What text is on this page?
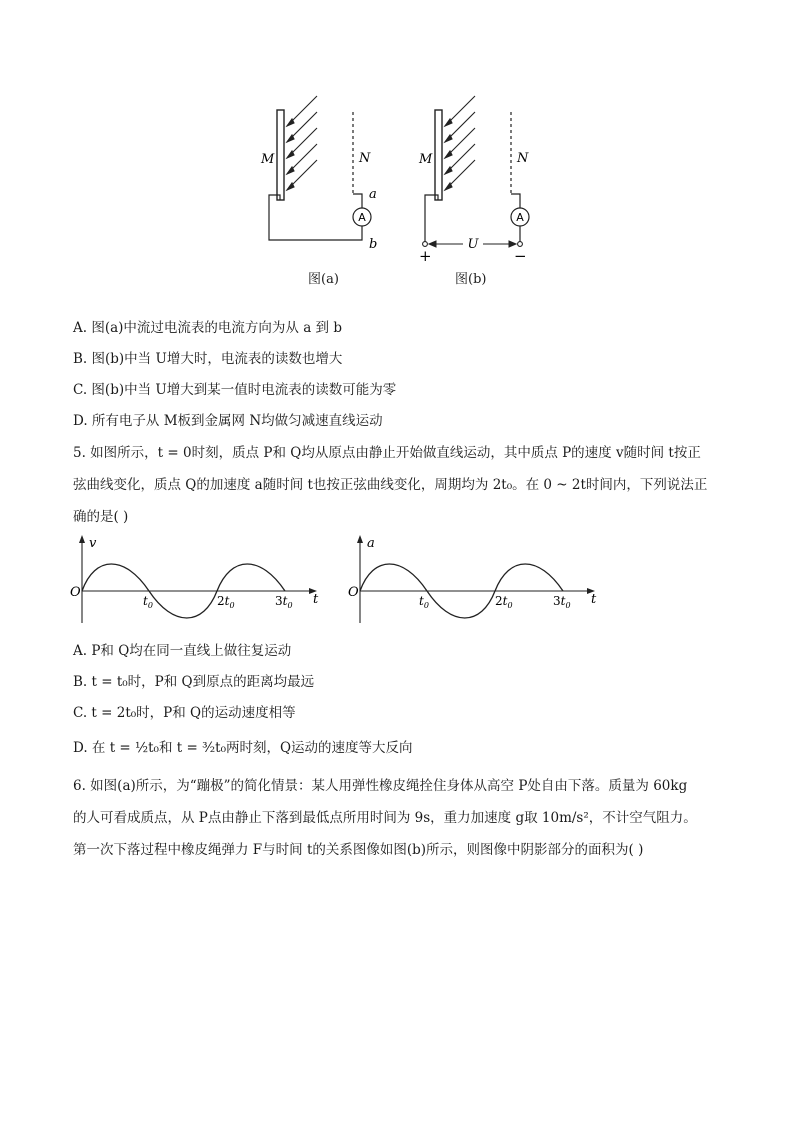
A
M	N
a
b
图(a)
A
U
+	−
M	N
图(b)
A. 图(a)中流过电流表的电流方向为从 a 到 b
B. 图(b)中当 U增大时，电流表的读数也增大
C. 图(b)中当 U增大到某一值时电流表的读数可能为零
D. 所有电子从 M板到金属网 N均做匀减速直线运动
5. 如图所示，t = 0时刻，质点 P和 Q均从原点由静止开始做直线运动，其中质点 P的速度 v随时间 t按正
弦曲线变化，质点 Q的加速度 a随时间 t也按正弦曲线变化，周期均为 2t₀。在 0 ~ 2t时间内，下列说法正
确的是( )
v
t
O
$t_0$	$2t_0$	$3t_0$
a
t
O
$t_0$	$2t_0$	$3t_0$
A. P和 Q均在同一直线上做往复运动
B. t = t₀时，P和 Q到原点的距离均最远
C. t = 2t₀时，P和 Q的运动速度相等
D. 在 t = ½t₀和 t = ³⁄₂t₀两时刻，Q运动的速度等大反向
6. 如图(a)所示，为“蹦极”的简化情景：某人用弹性橡皮绳拴住身体从高空 P处自由下落。质量为 60kg
的人可看成质点，从 P点由静止下落到最低点所用时间为 9s，重力加速度 g取 10m/s²，不计空气阻力。
第一次下落过程中橡皮绳弹力 F与时间 t的关系图像如图(b)所示，则图像中阴影部分的面积为( )
